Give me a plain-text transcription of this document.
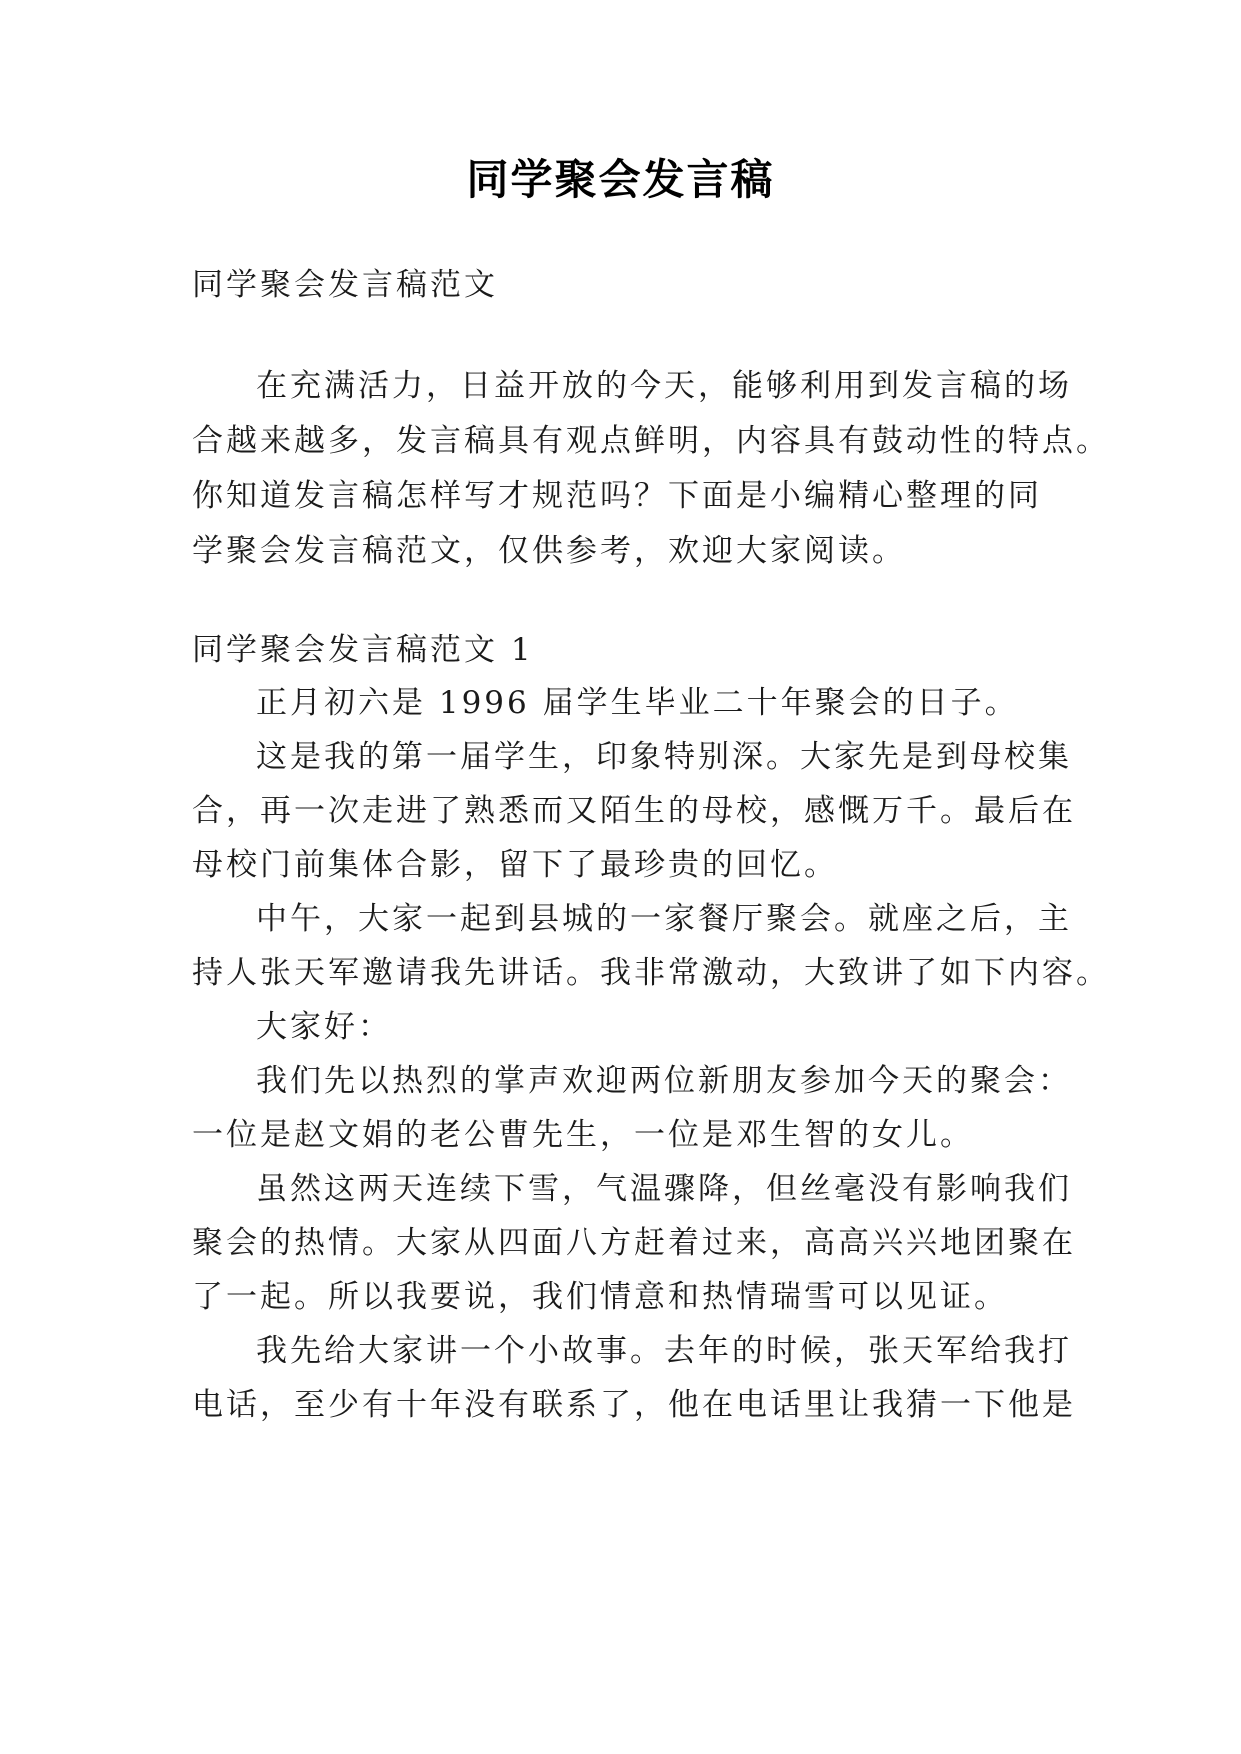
同学聚会发言稿
同学聚会发言稿范文
在充满活力，日益开放的今天，能够利用到发言稿的场
合越来越多，发言稿具有观点鲜明，内容具有鼓动性的特点。
你知道发言稿怎样写才规范吗？下面是小编精心整理的同
学聚会发言稿范文，仅供参考，欢迎大家阅读。
同学聚会发言稿范文 1
正月初六是 1996 届学生毕业二十年聚会的日子。
这是我的第一届学生，印象特别深。大家先是到母校集
合，再一次走进了熟悉而又陌生的母校，感慨万千。最后在
母校门前集体合影，留下了最珍贵的回忆。
中午，大家一起到县城的一家餐厅聚会。就座之后，主
持人张天军邀请我先讲话。我非常激动，大致讲了如下内容。
大家好：
我们先以热烈的掌声欢迎两位新朋友参加今天的聚会：
一位是赵文娟的老公曹先生，一位是邓生智的女儿。
虽然这两天连续下雪，气温骤降，但丝毫没有影响我们
聚会的热情。大家从四面八方赶着过来，高高兴兴地团聚在
了一起。所以我要说，我们情意和热情瑞雪可以见证。
我先给大家讲一个小故事。去年的时候，张天军给我打
电话，至少有十年没有联系了，他在电话里让我猜一下他是
